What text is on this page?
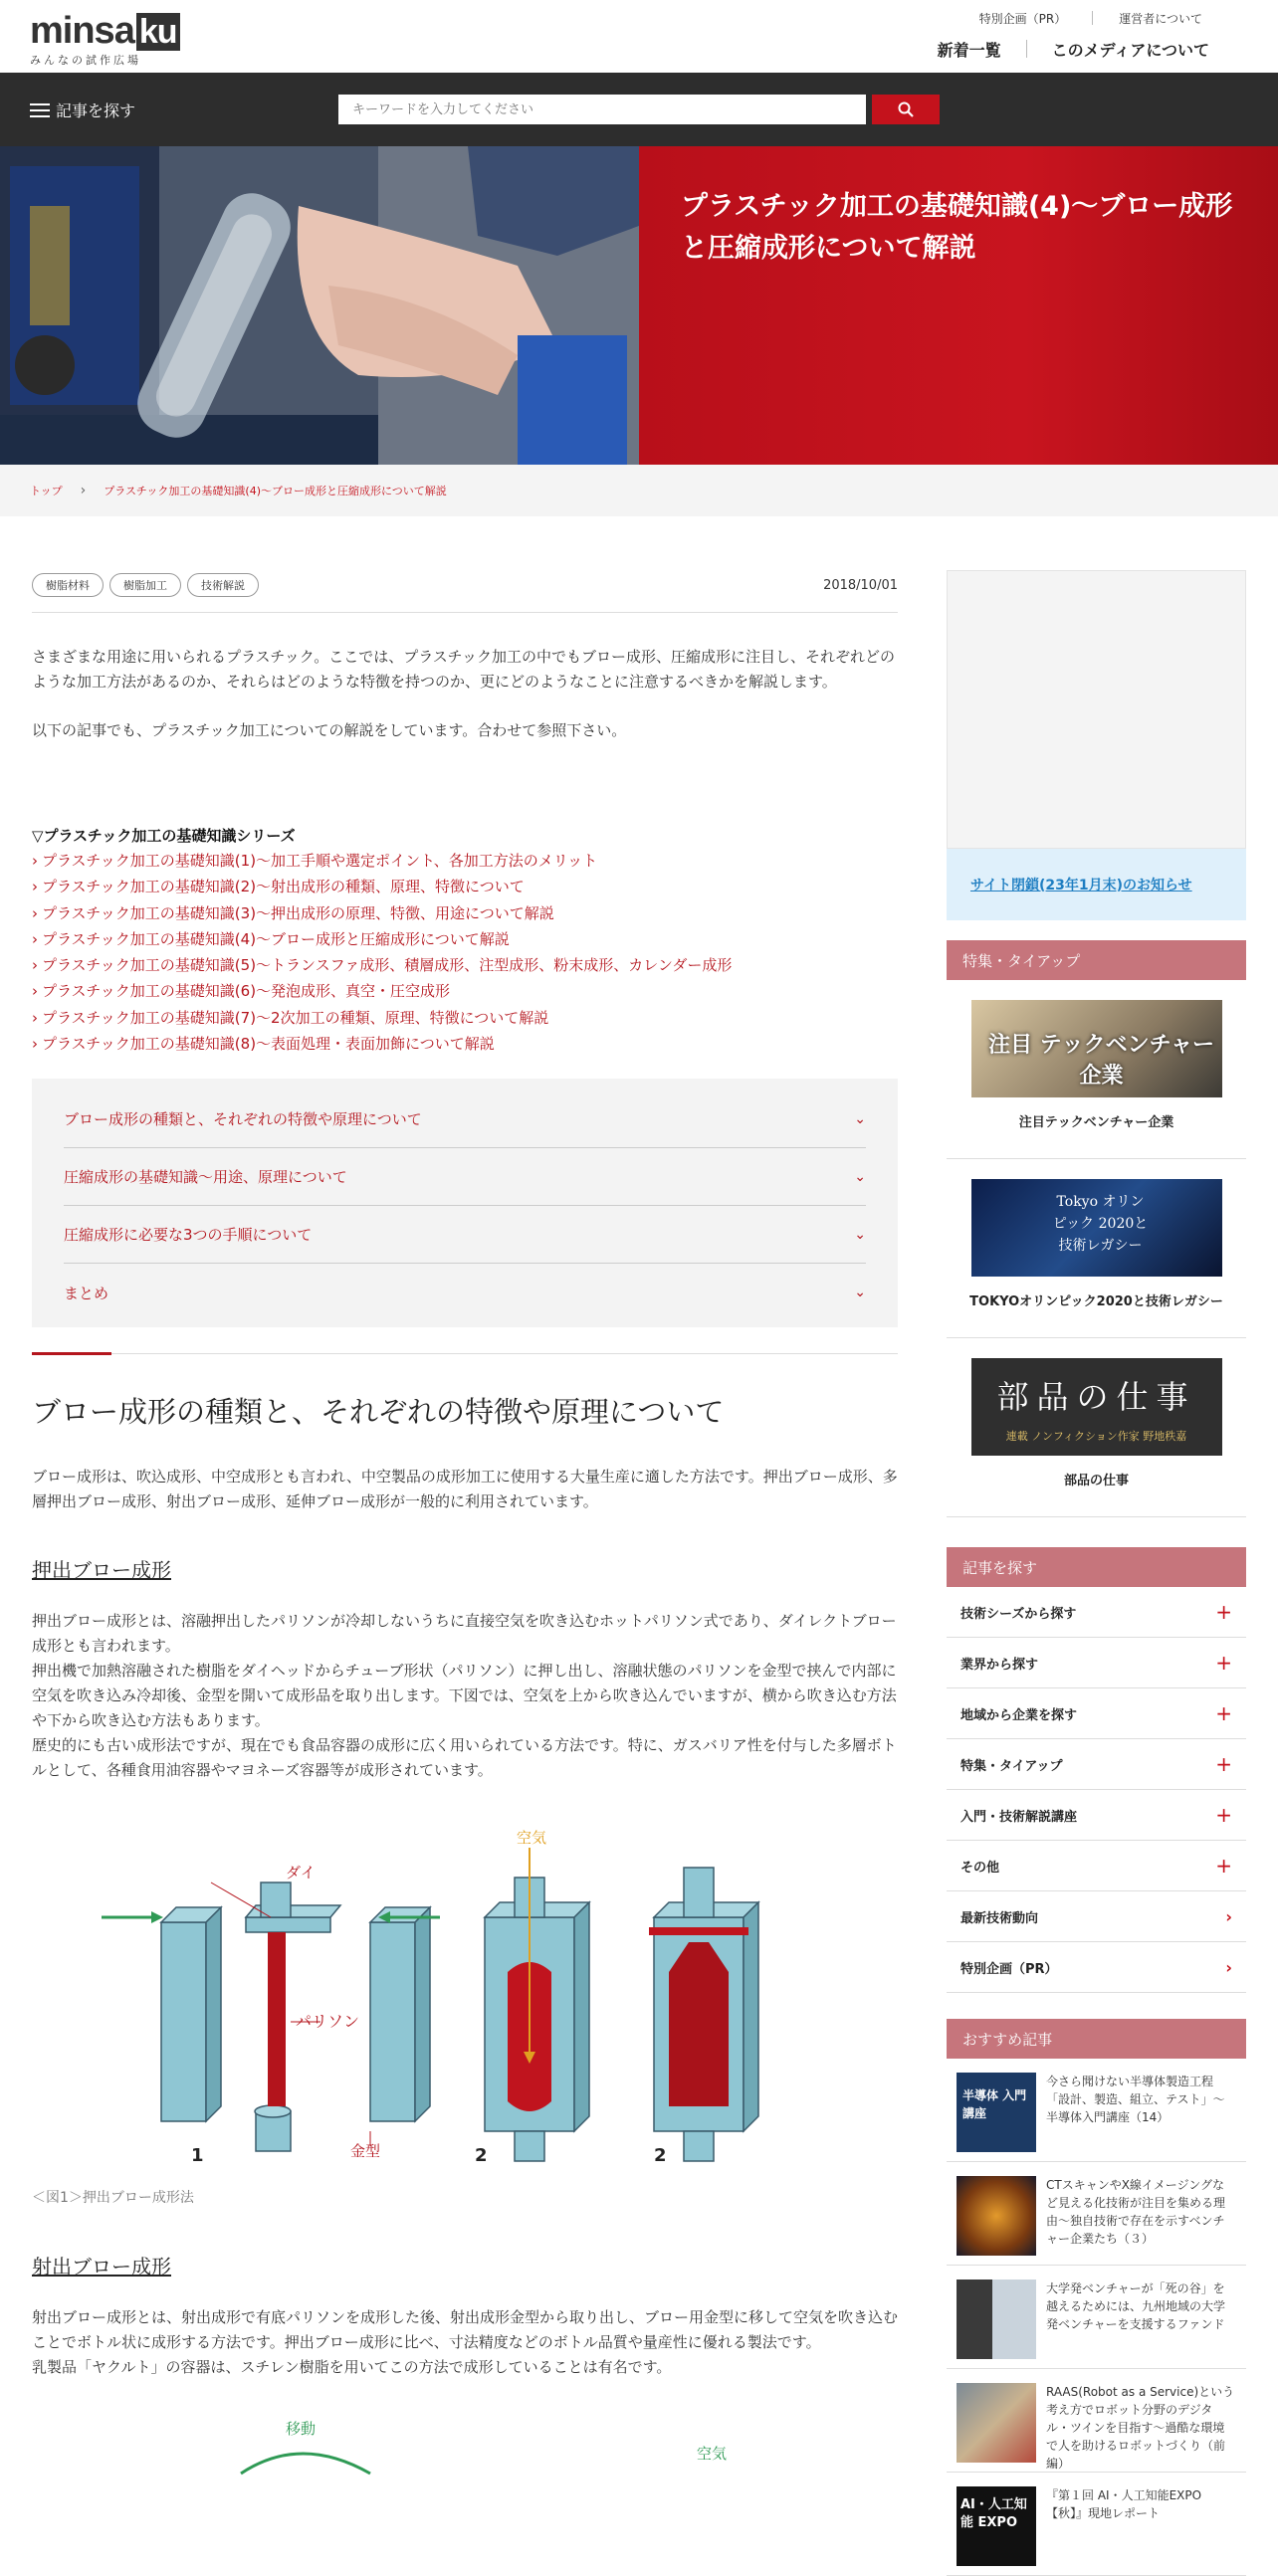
minsa ku
みんなの試作広場
特別企画（PR）	運営者について
新着一覧	このメディアについて
記事を探す
キーワードを入力してください
プラスチック加工の基礎知識(4)～ブロー成形と圧縮成形について解説
トップ › プラスチック加工の基礎知識(4)～ブロー成形と圧縮成形について解説
樹脂材料	樹脂加工	技術解説	2018/10/01

さまざまな用途に用いられるプラスチック。ここでは、プラスチック加工の中でもブロー成形、圧縮成形に注目し、それぞれどのような加工方法があるのか、それらはどのような特徴を持つのか、更にどのようなことに注意するべきかを解説します。

以下の記事でも、プラスチック加工についての解説をしています。合わせて参照下さい。

▽プラスチック加工の基礎知識シリーズ
› プラスチック加工の基礎知識(1)～加工手順や選定ポイント、各加工方法のメリット
› プラスチック加工の基礎知識(2)～射出成形の種類、原理、特徴について
› プラスチック加工の基礎知識(3)～押出成形の原理、特徴、用途について解説
› プラスチック加工の基礎知識(4)～ブロー成形と圧縮成形について解説
› プラスチック加工の基礎知識(5)～トランスファ成形、積層成形、注型成形、粉末成形、カレンダー成形
› プラスチック加工の基礎知識(6)～発泡成形、真空・圧空成形
› プラスチック加工の基礎知識(7)～2次加工の種類、原理、特徴について解説
› プラスチック加工の基礎知識(8)〜表面処理・表面加飾について解説
ブロー成形の種類と、それぞれの特徴や原理について	⌄
圧縮成形の基礎知識～用途、原理について	⌄
圧縮成形に必要な3つの手順について	⌄
まとめ	⌄
ブロー成形の種類と、それぞれの特徴や原理について

ブロー成形は、吹込成形、中空成形とも言われ、中空製品の成形加工に使用する大量生産に適した方法です。押出ブロー成形、多層押出ブロー成形、射出ブロー成形、延伸ブロー成形が一般的に利用されています。

押出ブロー成形

押出ブロー成形とは、溶融押出したパリソンが冷却しないうちに直接空気を吹き込むホットパリソン式であり、ダイレクトブロー成形とも言われます。

押出機で加熱溶融された樹脂をダイヘッドからチューブ形状（パリソン）に押し出し、溶融状態のパリソンを金型で挟んで内部に空気を吹き込み冷却後、金型を開いて成形品を取り出します。下図では、空気を上から吹き込んでいますが、横から吹き込む方法や下から吹き込む方法もあります。

歴史的にも古い成形法ですが、現在でも食品容器の成形に広く用いられている方法です。特に、ガスバリア性を付与した多層ボトルとして、各種食用油容器やマヨネーズ容器等が成形されています。

ダイ
空気
パリソン
金型
1	2	2
＜図1＞押出ブロー成形法
射出ブロー成形

射出ブロー成形とは、射出成形で有底パリソンを成形した後、射出成形金型から取り出し、ブロー用金型に移して空気を吹き込むことでボトル状に成形する方法です。押出ブロー成形に比べ、寸法精度などのボトル品質や量産性に優れる製法です。

乳製品「ヤクルト」の容器は、スチレン樹脂を用いてこの方法で成形していることは有名です。

移動
空気
サイト閉鎖(23年1月末)のお知らせ
特集・タイアップ
注目 テックベンチャー企業
注目テックベンチャー企業
Tokyo オリンピック 2020と 技術レガシー
TOKYOオリンピック2020と技術レガシー
部品の仕事
連載 ノンフィクション作家 野地秩嘉
部品の仕事
記事を探す
技術シーズから探す	+
業界から探す	+
地域から企業を探す	+
特集・タイアップ	+
入門・技術解説講座	+
その他	+
最新技術動向	›
特別企画（PR）	›
おすすめ記事
半導体 入門講座
今さら聞けない半導体製造工程「設計、製造、組立、テスト」〜半導体入門講座（14）
CTスキャンやX線イメージングなど見える化技術が注目を集める理由〜独自技術で存在を示すベンチャー企業たち（３）
大学発ベンチャーが「死の谷」を越えるためには、九州地域の大学発ベンチャーを支援するファンド
RAAS(Robot as a Service)という考え方でロボット分野のデジタル・ツインを目指す〜過酷な環境で人を助けるロボットづくり（前編）
AI・人工知能 EXPO
『第１回 AI・人工知能EXPO【秋】』現地レポート
